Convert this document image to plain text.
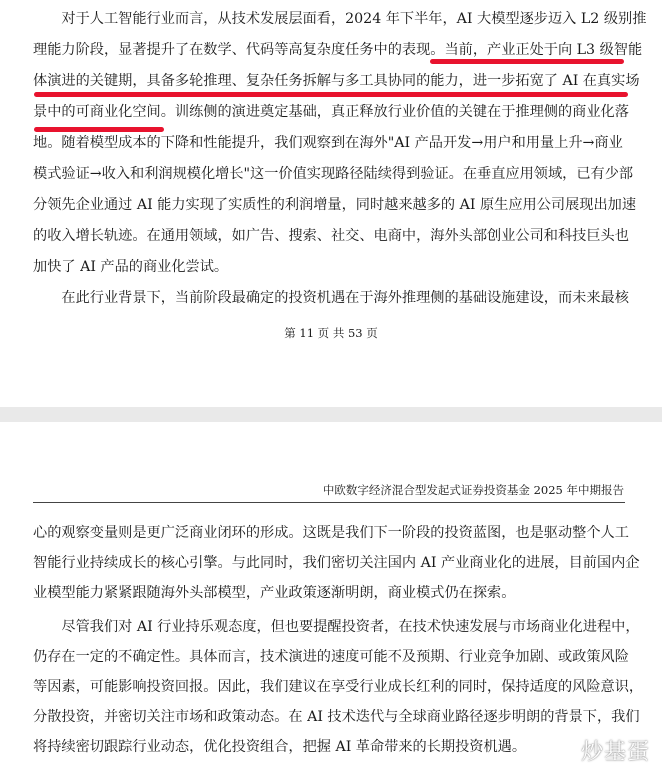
　　对于人工智能行业而言，从技术发展层面看，2024 年下半年，AI 大模型逐步迈入 L2 级别推
理能力阶段，显著提升了在数学、代码等高复杂度任务中的表现。当前，产业正处于向 L3 级智能
体演进的关键期，具备多轮推理、复杂任务拆解与多工具协同的能力，进一步拓宽了 AI 在真实场
景中的可商业化空间。训练侧的演进奠定基础，真正释放行业价值的关键在于推理侧的商业化落
地。随着模型成本的下降和性能提升，我们观察到在海外"AI 产品开发→用户和用量上升→商业
模式验证→收入和利润规模化增长"这一价值实现路径陆续得到验证。在垂直应用领域，已有少部
分领先企业通过 AI 能力实现了实质性的利润增量，同时越来越多的 AI 原生应用公司展现出加速
的收入增长轨迹。在通用领域，如广告、搜索、社交、电商中，海外头部创业公司和科技巨头也
加快了 AI 产品的商业化尝试。
　　在此行业背景下，当前阶段最确定的投资机遇在于海外推理侧的基础设施建设，而未来最核
第 11 页 共 53 页
中欧数字经济混合型发起式证券投资基金 2025 年中期报告
心的观察变量则是更广泛商业闭环的形成。这既是我们下一阶段的投资蓝图，也是驱动整个人工
智能行业持续成长的核心引擎。与此同时，我们密切关注国内 AI 产业商业化的进展，目前国内企
业模型能力紧紧跟随海外头部模型，产业政策逐渐明朗，商业模式仍在探索。
　　尽管我们对 AI 行业持乐观态度，但也要提醒投资者，在技术快速发展与市场商业化进程中，
仍存在一定的不确定性。具体而言，技术演进的速度可能不及预期、行业竞争加剧、或政策风险
等因素，可能影响投资回报。因此，我们建议在享受行业成长红利的同时，保持适度的风险意识，
分散投资，并密切关注市场和政策动态。在 AI 技术迭代与全球商业路径逐步明朗的背景下，我们
将持续密切跟踪行业动态，优化投资组合，把握 AI 革命带来的长期投资机遇。 炒基蛋
